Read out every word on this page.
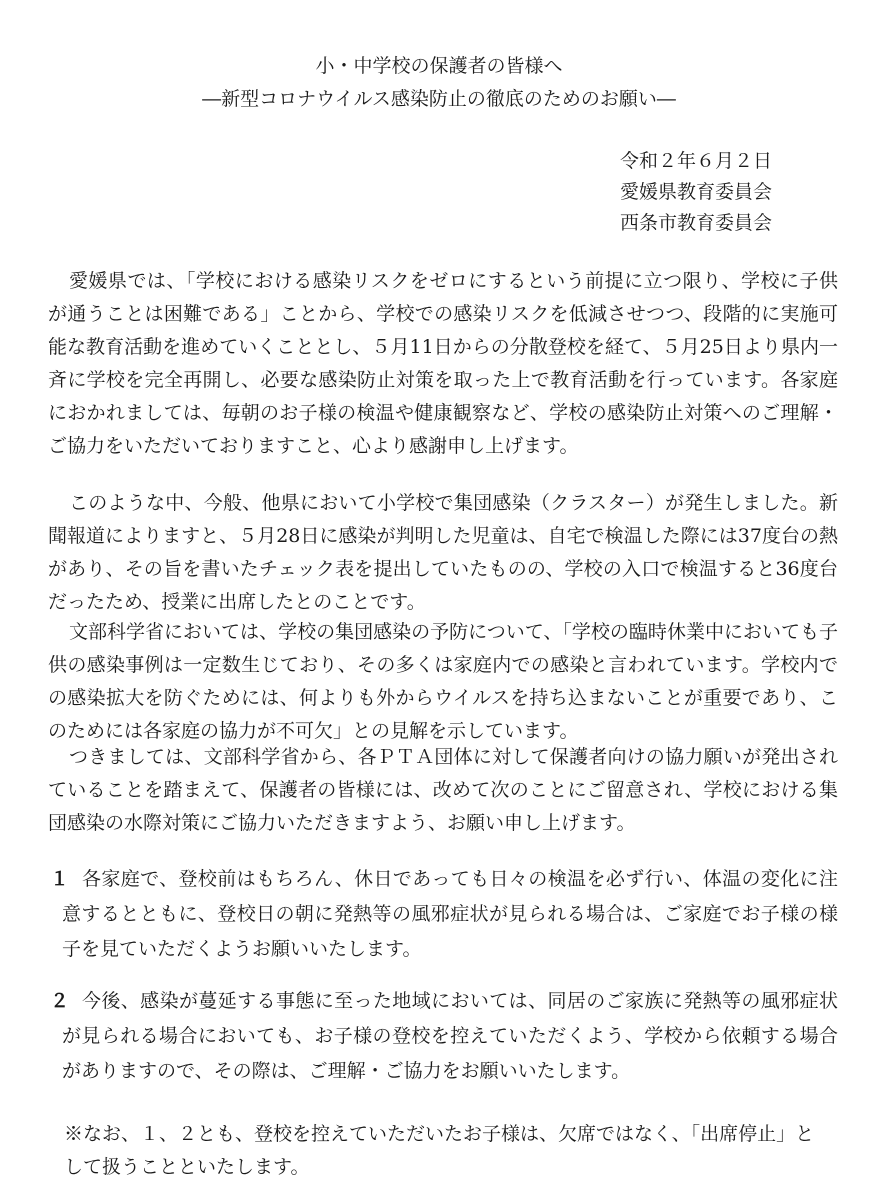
小・中学校の保護者の皆様へ
―新型コロナウイルス感染防止の徹底のためのお願い―
令和２年６月２日
愛媛県教育委員会
西条市教育委員会

愛媛県では、「学校における感染リスクをゼロにするという前提に立つ限り、学校に子供が通うことは困難である」ことから、学校での感染リスクを低減させつつ、段階的に実施可能な教育活動を進めていくこととし、５月11日からの分散登校を経て、５月25日より県内一斉に学校を完全再開し、必要な感染防止対策を取った上で教育活動を行っています。各家庭におかれましては、毎朝のお子様の検温や健康観察など、学校の感染防止対策へのご理解・ご協力をいただいておりますこと、心より感謝申し上げます。

このような中、今般、他県において小学校で集団感染（クラスター）が発生しました。新聞報道によりますと、５月28日に感染が判明した児童は、自宅で検温した際には37度台の熱があり、その旨を書いたチェック表を提出していたものの、学校の入口で検温すると36度台だったため、授業に出席したとのことです。

文部科学省においては、学校の集団感染の予防について、「学校の臨時休業中においても子供の感染事例は一定数生じており、その多くは家庭内での感染と言われています。学校内での感染拡大を防ぐためには、何よりも外からウイルスを持ち込まないことが重要であり、このためには各家庭の協力が不可欠」との見解を示しています。

つきましては、文部科学省から、各ＰＴＡ団体に対して保護者向けの協力願いが発出されていることを踏まえて、保護者の皆様には、改めて次のことにご留意され、学校における集団感染の水際対策にご協力いただきますよう、お願い申し上げます。

１ 各家庭で、登校前はもちろん、休日であっても日々の検温を必ず行い、体温の変化に注意するとともに、登校日の朝に発熱等の風邪症状が見られる場合は、ご家庭でお子様の様子を見ていただくようお願いいたします。
２ 今後、感染が蔓延する事態に至った地域においては、同居のご家族に発熱等の風邪症状が見られる場合においても、お子様の登校を控えていただくよう、学校から依頼する場合がありますので、その際は、ご理解・ご協力をお願いいたします。
※なお、１、２とも、登校を控えていただいたお子様は、欠席ではなく、「出席停止」として扱うことといたします。
